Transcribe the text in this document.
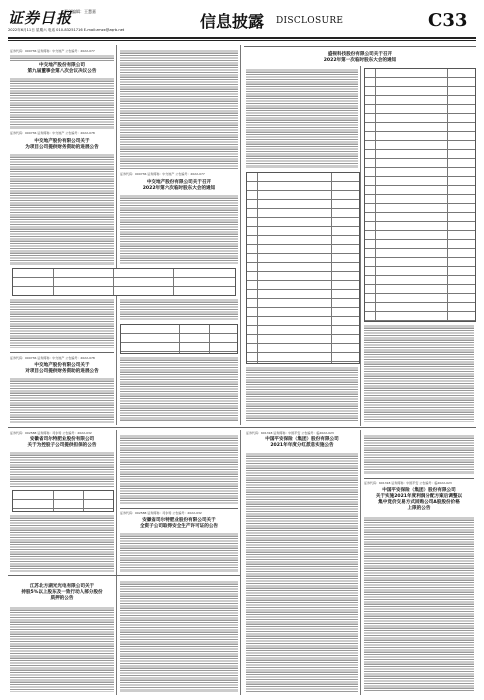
证券日报
责任编辑：王慧嘉
2022年6月11日 星期六 电话 010-83251716 E-mail:zmzx@zqrb.net	信息披露 DISCLOSURE	C33
证券代码：000736 证券简称：中交地产 公告编号：2022-077
中交地产股份有限公司
第九届董事会第八次会议决议公告
证券代码：000736 证券简称：中交地产 公告编号：2022-078
中交地产股份有限公司关于
为项目公司提供财务资助的进展公告
证券代码：000736 证券简称：中交地产 公告编号：2022-077
中交地产股份有限公司关于召开
2022年第六次临时股东大会的通知
证券代码：000736 证券简称：中交地产 公告编号：2022-078
中交地产股份有限公司关于
对项目公司提供财务资助的进展公告
盛视科技股份有限公司关于召开
2022年第一次临时股东大会的通知
证券代码：002588 证券简称：司尔特 公告编号：2022-032
安徽省司尔特肥业股份有限公司
关于为控股子公司提供担保的公告
证券代码：002588 证券简称：司尔特 公告编号：2022-032
安徽省司尔特肥业股份有限公司关于
全资子公司取得安全生产许可证的公告
江苏北方湖光光电有限公司关于
持股5%以上股东及一致行动人部分股份
质押的公告
证券代码：601318 证券简称：中国平安 公告编号：临2022-023
中国平安保险（集团）股份有限公司
2021年年度分红派息实施公告
证券代码：601318 证券简称：中国平安 公告编号：临2022-023
中国平安保险（集团）股份有限公司
关于实施2021年度利润分配方案后调整以
集中竞价交易方式回购公司A股股份价格
上限的公告
